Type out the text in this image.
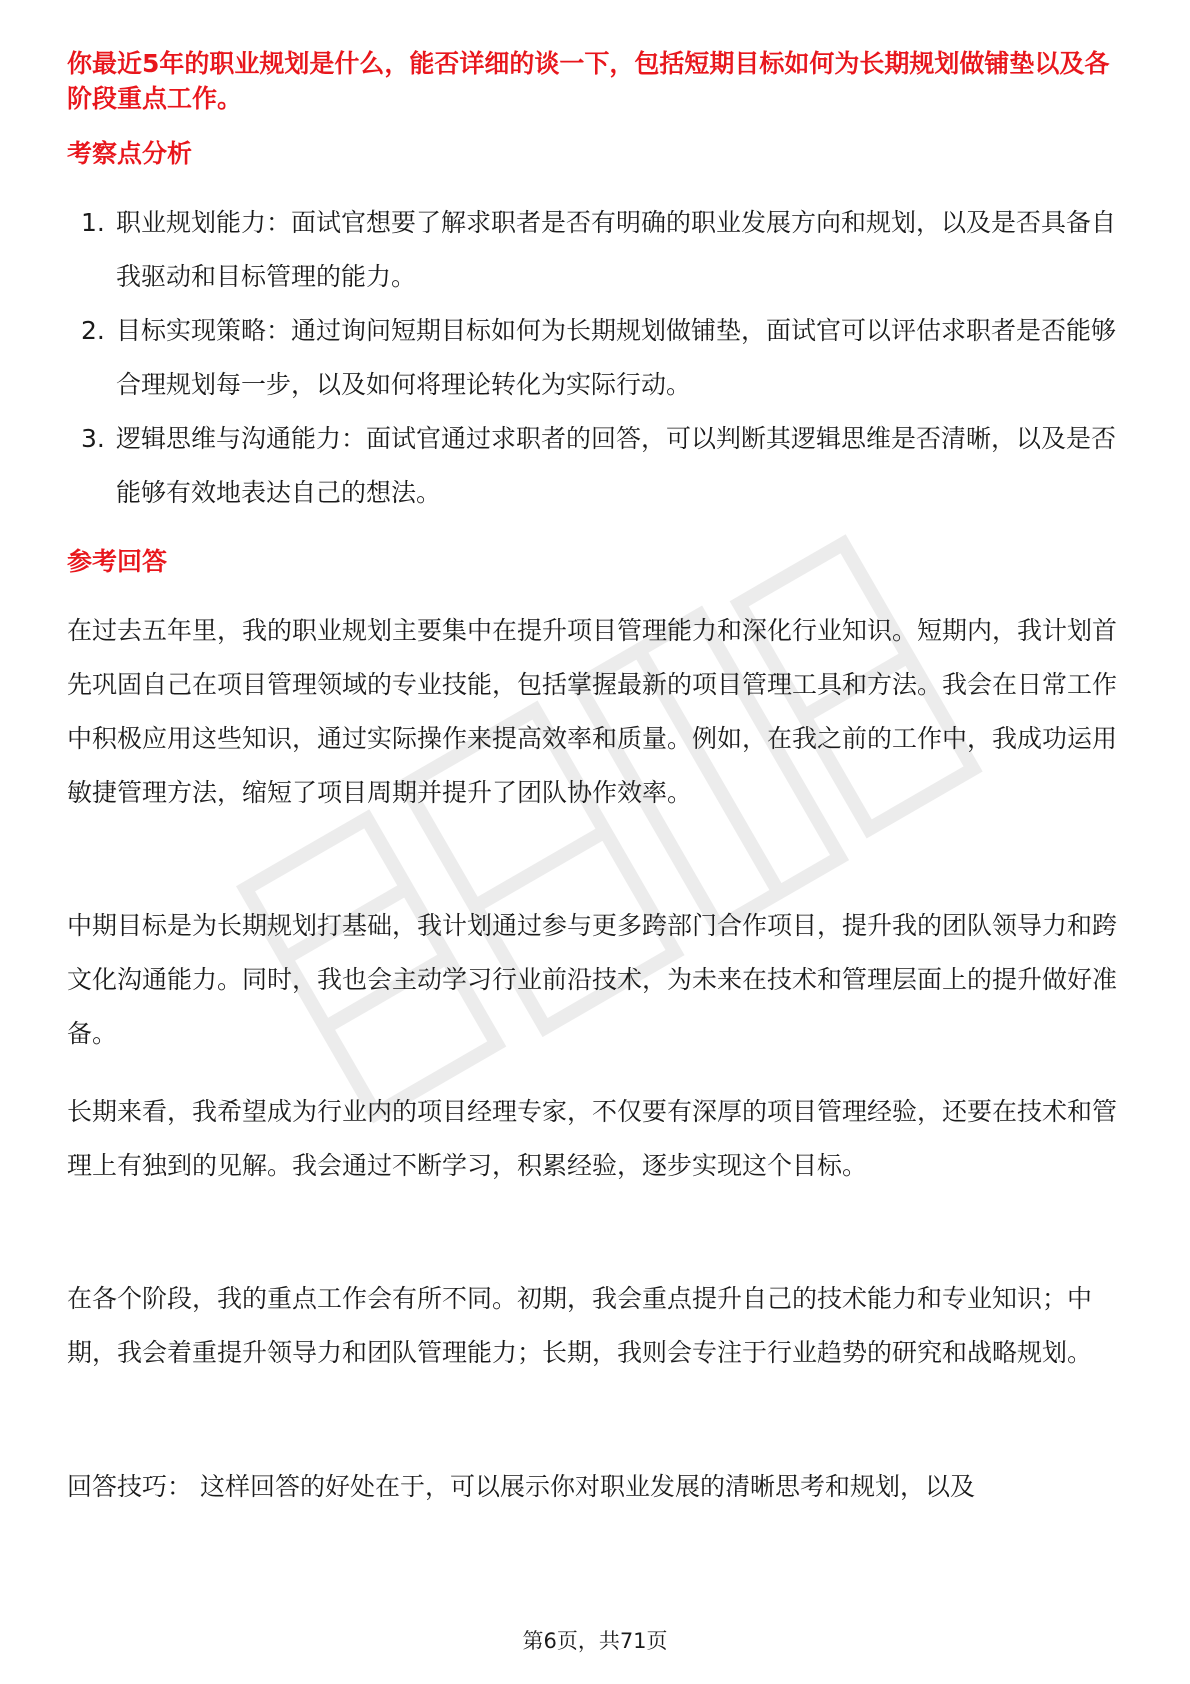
你最近5年的职业规划是什么，能否详细的谈一下，包括短期目标如何为长期规划做铺垫以及各阶段重点工作。

考察点分析
1. 职业规划能力：面试官想要了解求职者是否有明确的职业发展方向和规划，以及是否具备自我驱动和目标管理的能力。
2. 目标实现策略：通过询问短期目标如何为长期规划做铺垫，面试官可以评估求职者是否能够合理规划每一步，以及如何将理论转化为实际行动。
3. 逻辑思维与沟通能力：面试官通过求职者的回答，可以判断其逻辑思维是否清晰，以及是否能够有效地表达自己的想法。
参考回答

在过去五年里，我的职业规划主要集中在提升项目管理能力和深化行业知识。短期内，我计划首先巩固自己在项目管理领域的专业技能，包括掌握最新的项目管理工具和方法。我会在日常工作中积极应用这些知识，通过实际操作来提高效率和质量。例如，在我之前的工作中，我成功运用敏捷管理方法，缩短了项目周期并提升了团队协作效率。

中期目标是为长期规划打基础，我计划通过参与更多跨部门合作项目，提升我的团队领导力和跨文化沟通能力。同时，我也会主动学习行业前沿技术，为未来在技术和管理层面上的提升做好准备。

长期来看，我希望成为行业内的项目经理专家，不仅要有深厚的项目管理经验，还要在技术和管理上有独到的见解。我会通过不断学习，积累经验，逐步实现这个目标。

在各个阶段，我的重点工作会有所不同。初期，我会重点提升自己的技术能力和专业知识；中期，我会着重提升领导力和团队管理能力；长期，我则会专注于行业趋势的研究和战略规划。

回答技巧： 这样回答的好处在于，可以展示你对职业发展的清晰思考和规划，以及

第6页，共71页
